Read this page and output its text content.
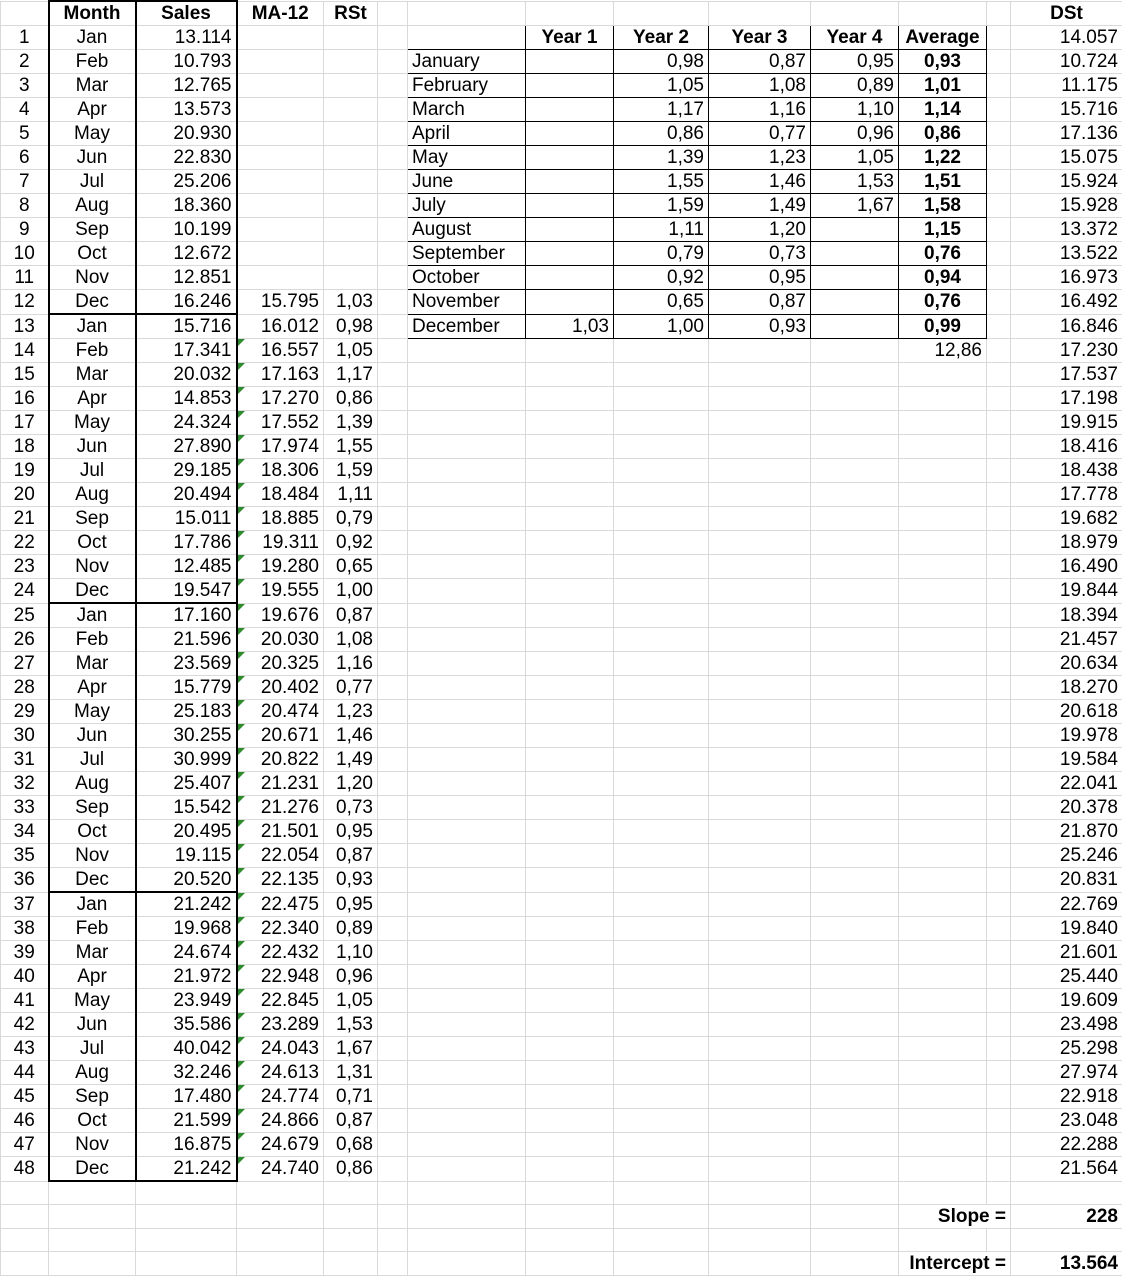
	Month	Sales	MA-12	RSt									DSt
1	Jan	13.114					Year 1	Year 2	Year 3	Year 4	Average		14.057
2	Feb	10.793				January		0,98	0,87	0,95	0,93		10.724
3	Mar	12.765				February		1,05	1,08	0,89	1,01		11.175
4	Apr	13.573				March		1,17	1,16	1,10	1,14		15.716
5	May	20.930				April		0,86	0,77	0,96	0,86		17.136
6	Jun	22.830				May		1,39	1,23	1,05	1,22		15.075
7	Jul	25.206				June		1,55	1,46	1,53	1,51		15.924
8	Aug	18.360				July		1,59	1,49	1,67	1,58		15.928
9	Sep	10.199				August		1,11	1,20		1,15		13.372
10	Oct	12.672				September		0,79	0,73		0,76		13.522
11	Nov	12.851				October		0,92	0,95		0,94		16.973
12	Dec	16.246	15.795	1,03		November		0,65	0,87		0,76		16.492
13	Jan	15.716	16.012	0,98		December	1,03	1,00	0,93		0,99		16.846
14	Feb	17.341	16.557	1,05							12,86		17.230
15	Mar	20.032	17.163	1,17									17.537
16	Apr	14.853	17.270	0,86									17.198
17	May	24.324	17.552	1,39									19.915
18	Jun	27.890	17.974	1,55									18.416
19	Jul	29.185	18.306	1,59									18.438
20	Aug	20.494	18.484	1,11									17.778
21	Sep	15.011	18.885	0,79									19.682
22	Oct	17.786	19.311	0,92									18.979
23	Nov	12.485	19.280	0,65									16.490
24	Dec	19.547	19.555	1,00									19.844
25	Jan	17.160	19.676	0,87									18.394
26	Feb	21.596	20.030	1,08									21.457
27	Mar	23.569	20.325	1,16									20.634
28	Apr	15.779	20.402	0,77									18.270
29	May	25.183	20.474	1,23									20.618
30	Jun	30.255	20.671	1,46									19.978
31	Jul	30.999	20.822	1,49									19.584
32	Aug	25.407	21.231	1,20									22.041
33	Sep	15.542	21.276	0,73									20.378
34	Oct	20.495	21.501	0,95									21.870
35	Nov	19.115	22.054	0,87									25.246
36	Dec	20.520	22.135	0,93									20.831
37	Jan	21.242	22.475	0,95									22.769
38	Feb	19.968	22.340	0,89									19.840
39	Mar	24.674	22.432	1,10									21.601
40	Apr	21.972	22.948	0,96									25.440
41	May	23.949	22.845	1,05									19.609
42	Jun	35.586	23.289	1,53									23.498
43	Jul	40.042	24.043	1,67									25.298
44	Aug	32.246	24.613	1,31									27.974
45	Sep	17.480	24.774	0,71									22.918
46	Oct	21.599	24.866	0,87									23.048
47	Nov	16.875	24.679	0,68									22.288
48	Dec	21.242	24.740	0,86									21.564

											Slope =		228

											Intercept =		13.564
